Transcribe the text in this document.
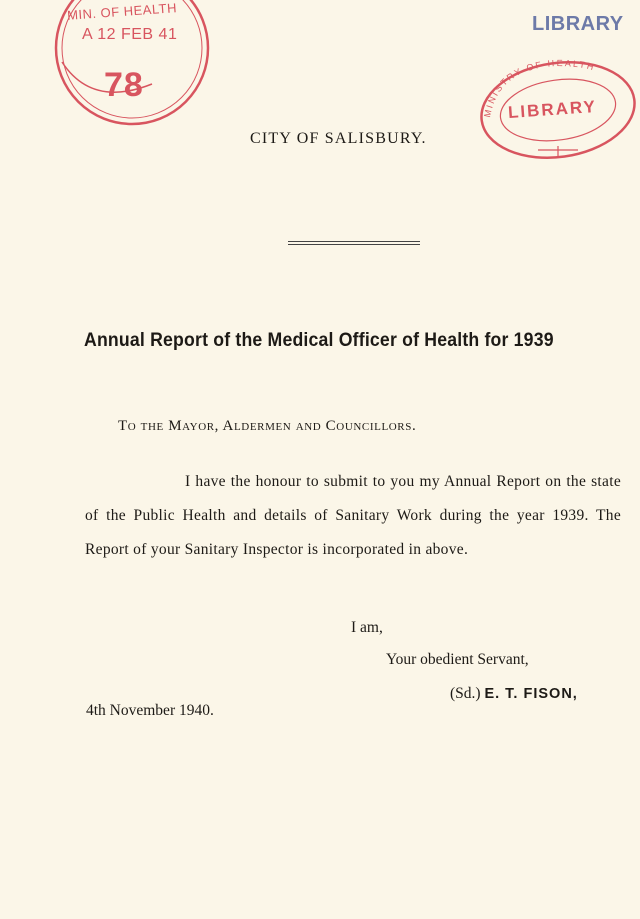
MIN. OF HEALTH
A 12 FEB 41
78
LIBRARY
MINISTRY OF HEALTH
LIBRARY
CITY OF SALISBURY.
Annual Report of the Medical Officer of Health for 1939
To the Mayor, Aldermen and Councillors.
I have the honour to submit to you my Annual Report on the state of the Public Health and details of Sanitary Work during the year 1939. The Report of your Sanitary Inspector is incorporated in above.
I am,
Your obedient Servant,
(Sd.) E. T. FISON,
4th November 1940.
